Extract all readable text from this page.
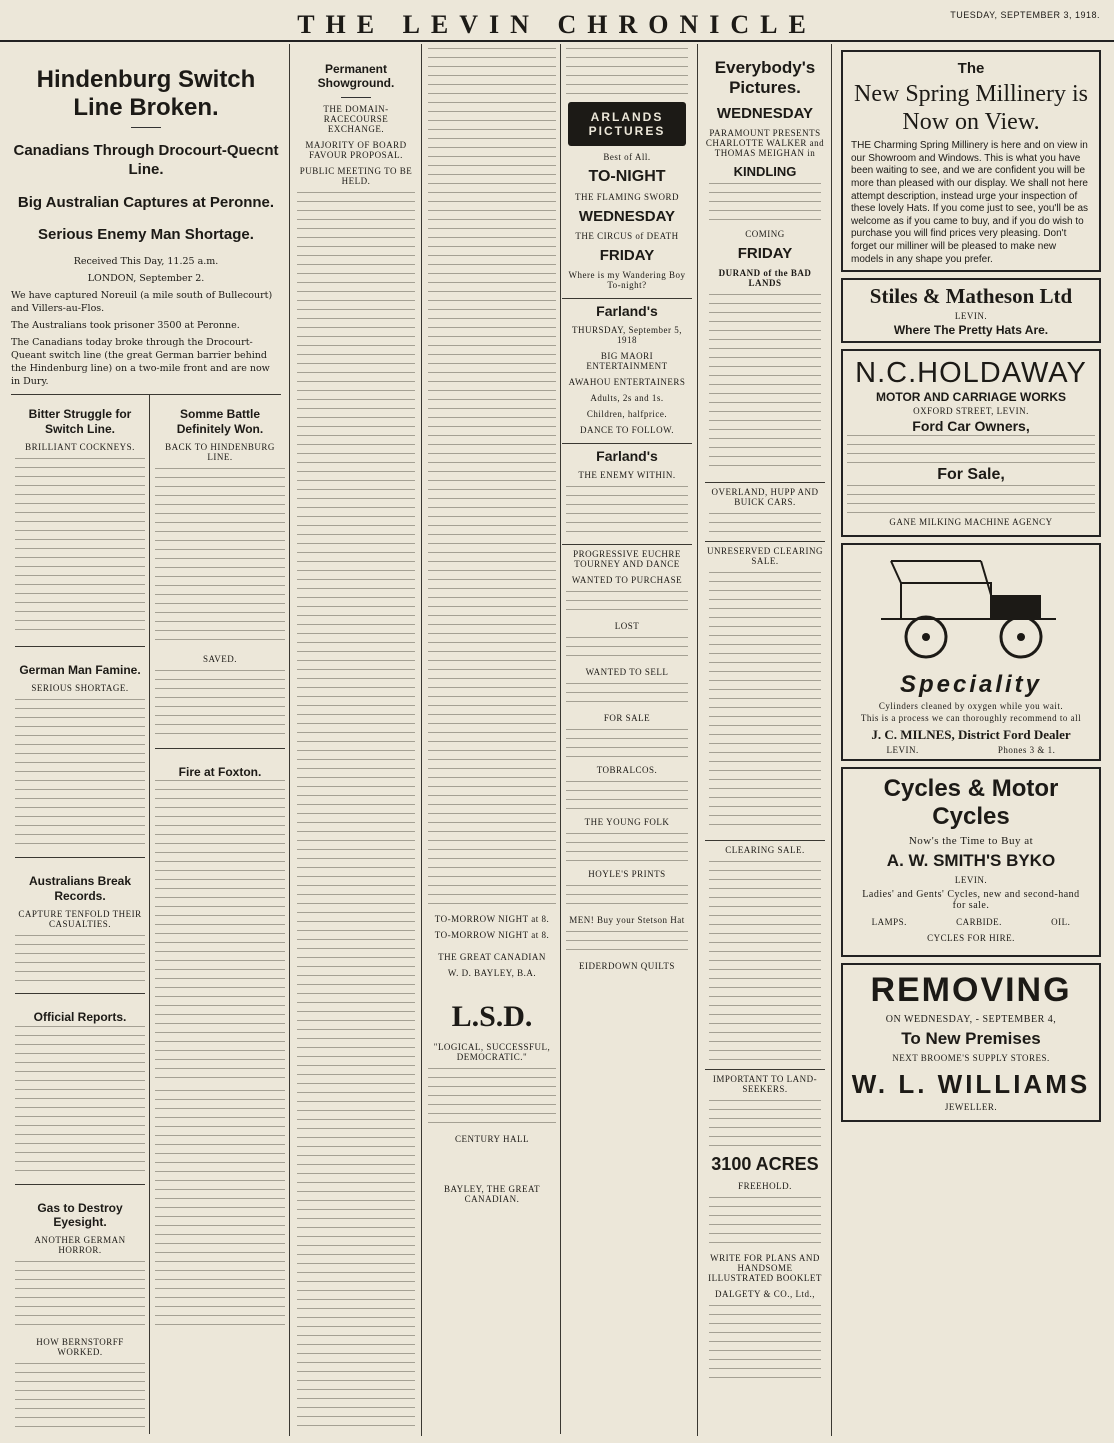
THE LEVIN CHRONICLE	TUESDAY, SEPTEMBER 3, 1918.
Hindenburg Switch Line Broken.
Canadians Through Drocourt-Quecnt Line.
Big Australian Captures at Peronne.
Serious Enemy Man Shortage.
Received This Day, 11.25 a.m.
LONDON, September 2.

We have captured Noreuil (a mile south of Bullecourt) and Villers-au-Flos.

The Australians took prisoner 3500 at Peronne.

The Canadians today broke through the Drocourt-Queant switch line (the great German barrier behind the Hindenburg line) on a two-mile front and are now in Dury.

Bitter Struggle for Switch Line.
BRILLIANT COCKNEYS.
German Man Famine.
SERIOUS SHORTAGE.
Australians Break Records.
CAPTURE TENFOLD THEIR CASUALTIES.
Official Reports.
Gas to Destroy Eyesight.
ANOTHER GERMAN HORROR.
HOW BERNSTORFF WORKED.
Somme Battle Definitely Won.
BACK TO HINDENBURG LINE.
SAVED.
Fire at Foxton.
Permanent Showground.
THE DOMAIN-RACECOURSE EXCHANGE.
MAJORITY OF BOARD FAVOUR PROPOSAL.
PUBLIC MEETING TO BE HELD.
TO-MORROW NIGHT at 8.
TO-MORROW NIGHT at 8.
THE GREAT CANADIAN
W. D. BAYLEY, B.A.
L.S.D.
"LOGICAL, SUCCESSFUL, DEMOCRATIC."
CENTURY HALL
BAYLEY, THE GREAT CANADIAN.
ARLANDS PICTURES
Best of All.
TO-NIGHT
THE FLAMING SWORD
WEDNESDAY
THE CIRCUS of DEATH
FRIDAY
Where is my Wandering Boy To-night?
Farland's
THURSDAY, September 5, 1918
BIG MAORI ENTERTAINMENT
AWAHOU ENTERTAINERS
Adults, 2s and 1s.
Children, halfprice.
DANCE TO FOLLOW.
Farland's
THE ENEMY WITHIN.
PROGRESSIVE EUCHRE TOURNEY AND DANCE
WANTED TO PURCHASE
LOST
WANTED TO SELL
FOR SALE
TOBRALCOS.
THE YOUNG FOLK
HOYLE'S PRINTS
MEN! Buy your Stetson Hat
EIDERDOWN QUILTS
Everybody's Pictures.
WEDNESDAY
PARAMOUNT PRESENTS CHARLOTTE WALKER and THOMAS MEIGHAN in
KINDLING
COMING
FRIDAY
DURAND of the BAD LANDS
OVERLAND, HUPP AND BUICK CARS.
UNRESERVED CLEARING SALE.
CLEARING SALE.
IMPORTANT TO LAND-SEEKERS.
3100 ACRES
FREEHOLD.
WRITE FOR PLANS AND HANDSOME ILLUSTRATED BOOKLET
DALGETY & CO., Ltd.,
The
New Spring Millinery is Now on View.
THE Charming Spring Millinery is here and on view in our Showroom and Windows. This is what you have been waiting to see, and we are confident you will be more than pleased with our display. We shall not here attempt description, instead urge your inspection of these lovely Hats. If you come just to see, you'll be as welcome as if you came to buy, and if you do wish to purchase you will find prices very pleasing. Don't forget our milliner will be pleased to make new models in any shape you prefer.
Stiles & Matheson Ltd
LEVIN.
Where The Pretty Hats Are.
N.C.HOLDAWAY
MOTOR AND CARRIAGE WORKS
OXFORD STREET, LEVIN.
Ford Car Owners,
For Sale,
GANE MILKING MACHINE AGENCY
Speciality
Cylinders cleaned by oxygen while you wait.
This is a process we can thoroughly recommend to all
J. C. MILNES, District Ford Dealer
LEVIN.	Phones 3 & 1.
Cycles & Motor Cycles
Now's the Time to Buy at
A. W. SMITH'S BYKO
LEVIN.
Ladies' and Gents' Cycles, new and second-hand for sale.
LAMPS.	CARBIDE.	OIL.
CYCLES FOR HIRE.
REMOVING
ON WEDNESDAY, - SEPTEMBER 4,
To New Premises
NEXT BROOME'S SUPPLY STORES.
W. L. WILLIAMS
JEWELLER.
